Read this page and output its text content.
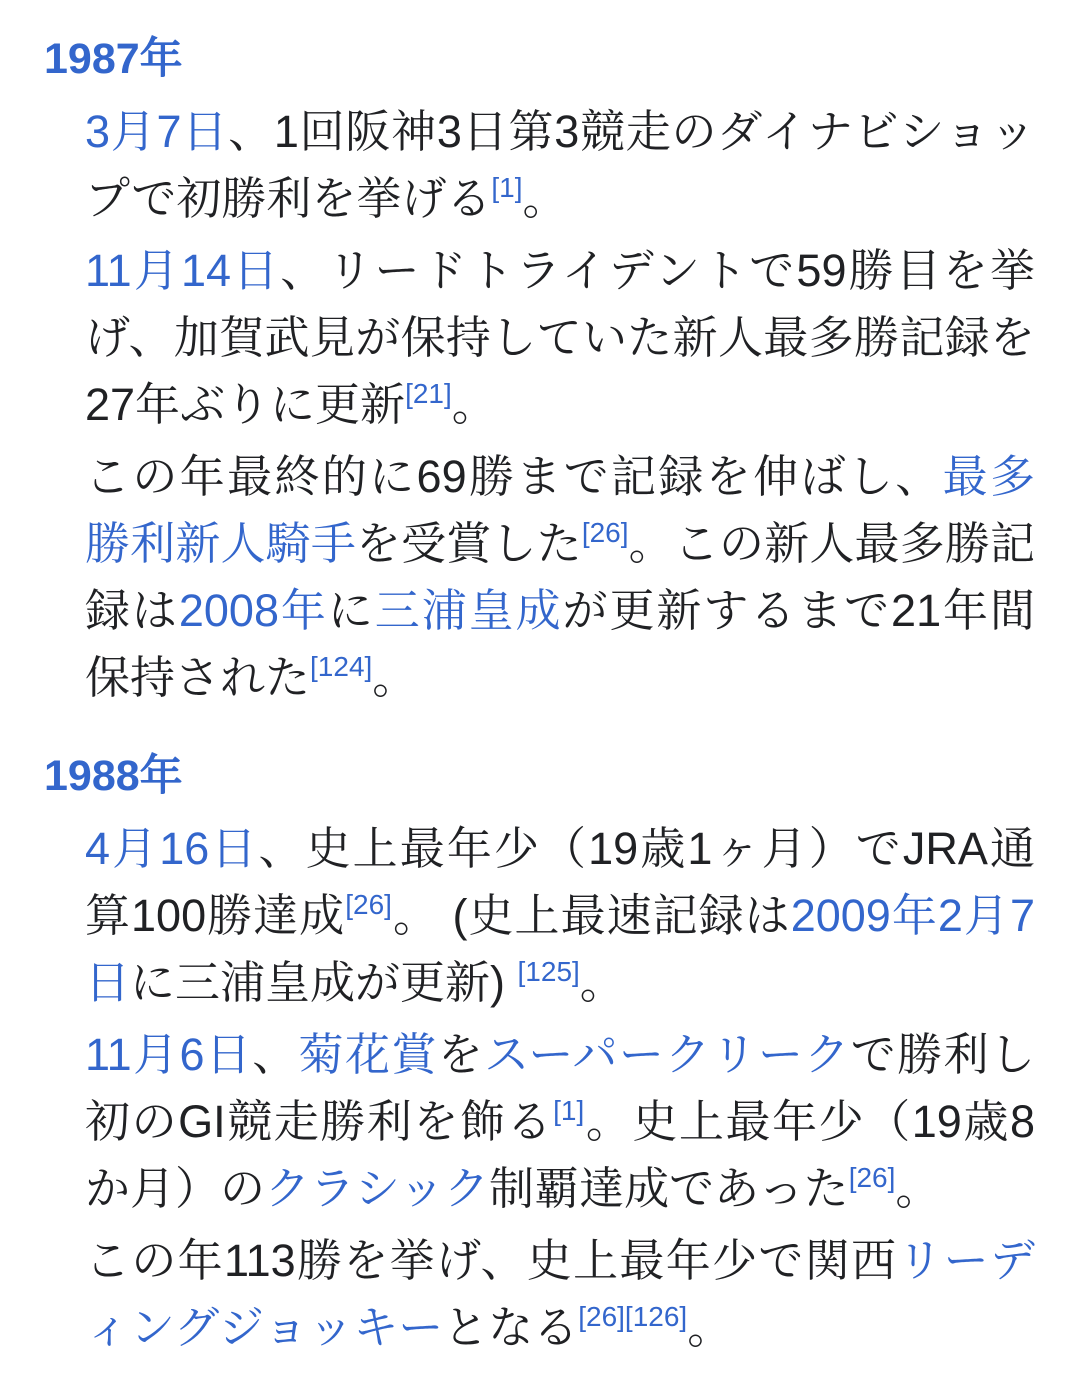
1987年
3月7日、1回阪神3日第3競走のダイナビショップで初勝利を挙げる[1]。
11月14日、リードトライデントで59勝目を挙げ、加賀武見が保持していた新人最多勝記録を27年ぶりに更新[21]。
この年最終的に69勝まで記録を伸ばし、最多勝利新人騎手を受賞した[26]。この新人最多勝記録は2008年に三浦皇成が更新するまで21年間保持された[124]。
1988年
4月16日、史上最年少（19歳1ヶ月）でJRA通算100勝達成[26]。 (史上最速記録は2009年2月7日に三浦皇成が更新) [125]。
11月6日、菊花賞をスーパークリークで勝利し初のGI競走勝利を飾る[1]。史上最年少（19歳8か月）のクラシック制覇達成であった[26]。
この年113勝を挙げ、史上最年少で関西リーディングジョッキーとなる[26][126]。
